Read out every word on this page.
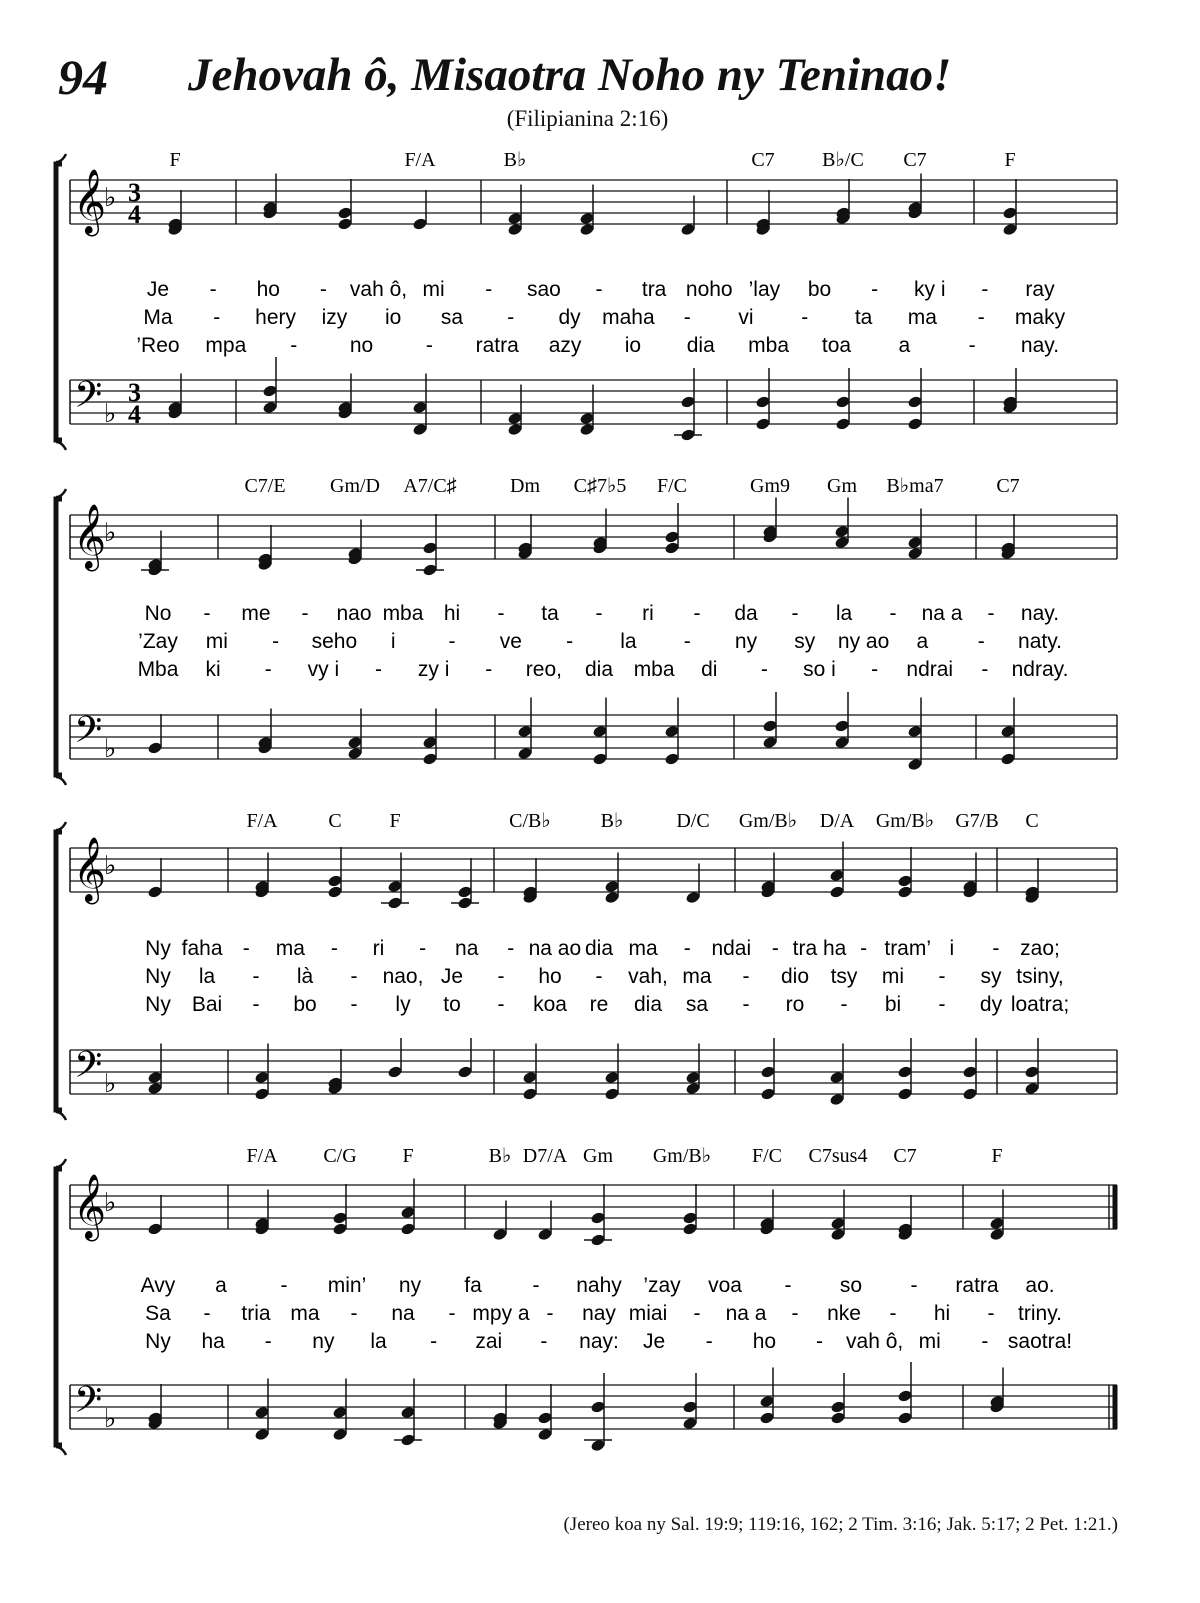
94 Jehovah ô, Misaotra Noho ny Teninao!
(Filipianina 2:16)
𝄞
♭ 3
4
𝄢 ♭
3
4
F	F/A	B♭	C7 B♭/C C7	F
Je - ho - vah ô, mi - sao - tra noho ’lay bo - ky i - ray
Ma - hery izy io sa - dy maha - vi - ta ma - maky
’Reo mpa -	no	- ratra azy io dia mba toa a	- nay.
𝄞
♭
𝄢 ♭
C7/E Gm/D A7/C♯	Dm C♯7♭5 F/C	Gm9 Gm B♭ma7	C7
No - me - nao mba hi - ta - ri - da - la - na a - nay.
’Zay mi - seho i	- ve - la - ny sy ny ao a - naty.
Mba ki - vy i - zy i - reo, dia mba di - so i - ndrai - ndray.
𝄞
♭
𝄢 ♭
F/A	C F	C/B♭ B♭	D/C Gm/B♭ D/A Gm/B♭ G7/B C
Ny faha - ma - ri - na - na ao dia ma - ndai - tra ha - tram’ i - zao;
Ny la - là - nao, Je - ho - vah, ma - dio tsy mi - sy tsiny,
Ny Bai - bo - ly to - koa re dia sa - ro - bi - dy loatra;
𝄞
♭
𝄢 ♭
F/A C/G F	B♭ D7/A Gm Gm/B♭ F/C C7sus4 C7	F
Avy a	- min’ ny fa - nahy ’zay voa - so - ratra ao.
Sa - tria ma - na - mpy a - nay miai - na a - nke - hi - triny.
Ny ha - ny la - zai - nay: Je - ho - vah ô, mi - saotra!
(Jereo koa ny Sal. 19:9; 119:16, 162; 2 Tim. 3:16; Jak. 5:17; 2 Pet. 1:21.)
